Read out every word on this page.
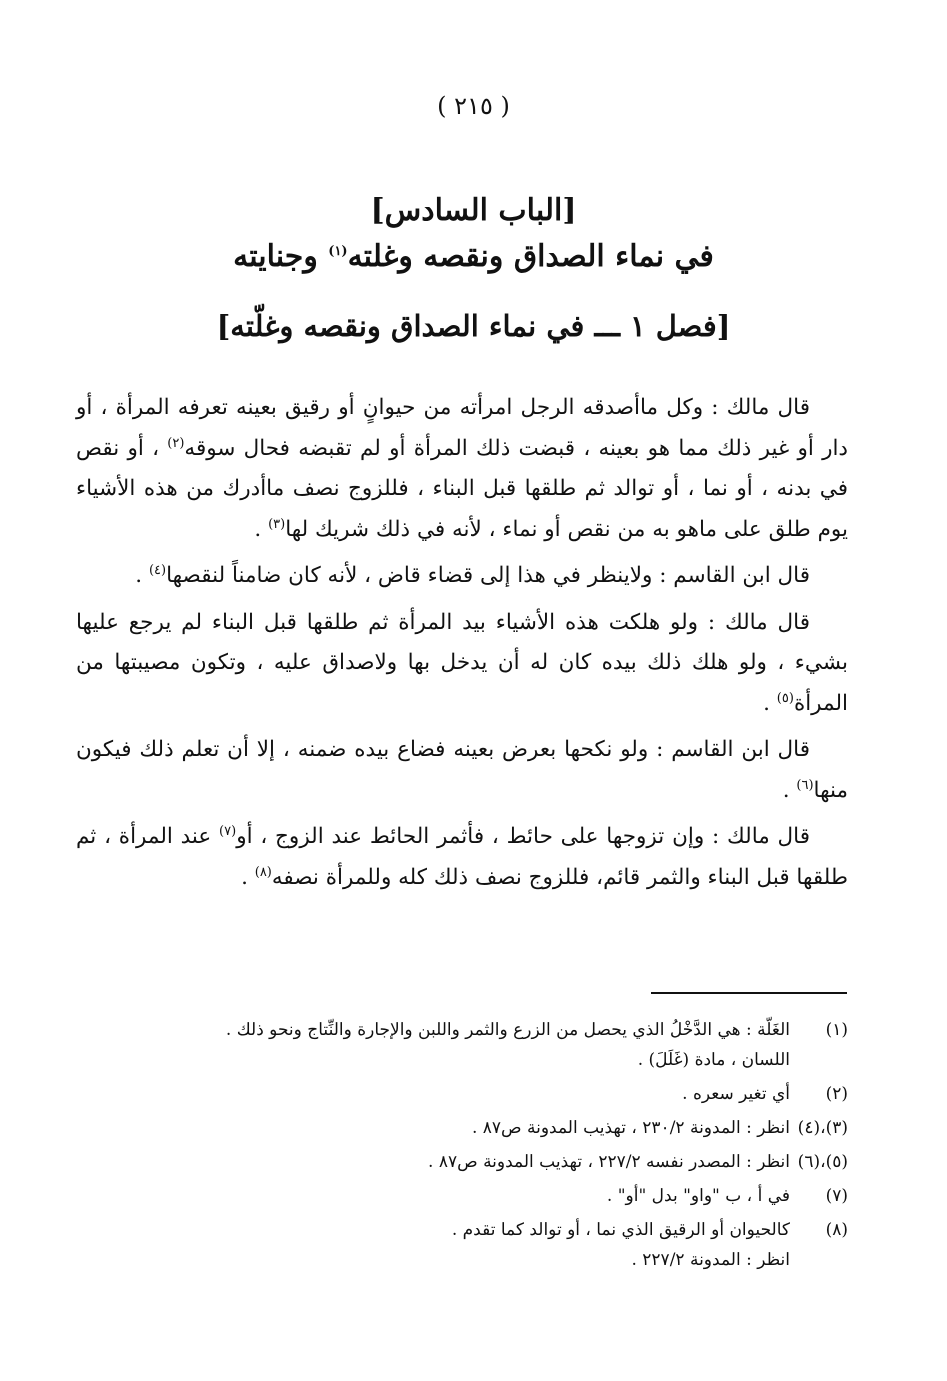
( ٢١٥ )
[الباب السادس]
في نماء الصداق ونقصه وغلته$^{(١)}$ وجنايته
[فصل ١ ـــ في نماء الصداق ونقصه وغلّته]

قال مالك : وكل ماأصدقه الرجل امرأته من حيوانٍ أو رقيق بعينه تعرفه المرأة ، أو دار أو غير ذلك مما هو بعينه ، قبضت ذلك المرأة أو لم تقبضه فحال سوقه$^{(٢)}$ ، أو نقص في بدنه ، أو نما ، أو توالد ثم طلقها قبل البناء ، فللزوج نصف ماأدرك من هذه الأشياء يوم طلق على ماهو به من نقص أو نماء ، لأنه في ذلك شريك لها$^{(٣)}$ .

قال ابن القاسم : ولاينظر في هذا إلى قضاء قاض ، لأنه كان ضامناً لنقصها$^{(٤)}$ .

قال مالك : ولو هلكت هذه الأشياء بيد المرأة ثم طلقها قبل البناء لم يرجع عليها بشيء ، ولو هلك ذلك بيده كان له أن يدخل بها ولاصداق عليه ، وتكون مصيبتها من المرأة$^{(٥)}$ .

قال ابن القاسم : ولو نكحها بعرض بعينه فضاع بيده ضمنه ، إلا أن تعلم ذلك فيكون منها$^{(٦)}$ .

قال مالك : وإن تزوجها على حائط ، فأثمر الحائط عند الزوج ، أو$^{(٧)}$ عند المرأة ، ثم طلقها قبل البناء والثمر قائم، فللزوج نصف ذلك كله وللمرأة نصفه$^{(٨)}$ .

(١)
الغَلّة : هي الدَّخْلُ الذي يحصل من الزرع والثمر واللبن والإجارة والنِّتاج ونحو ذلك .
اللسان ، مادة (غَلَلَ) .
(٢)
أي تغير سعره .
(٣)،(٤)
انظر : المدونة ٢٣٠/٢ ، تهذيب المدونة ص٨٧ .
(٥)،(٦)
انظر : المصدر نفسه ٢٢٧/٢ ، تهذيب المدونة ص٨٧ .
(٧)
في أ ، ب "واو" بدل "أو" .
(٨)
كالحيوان أو الرقيق الذي نما ، أو توالد كما تقدم .
انظر : المدونة ٢٢٧/٢ .
